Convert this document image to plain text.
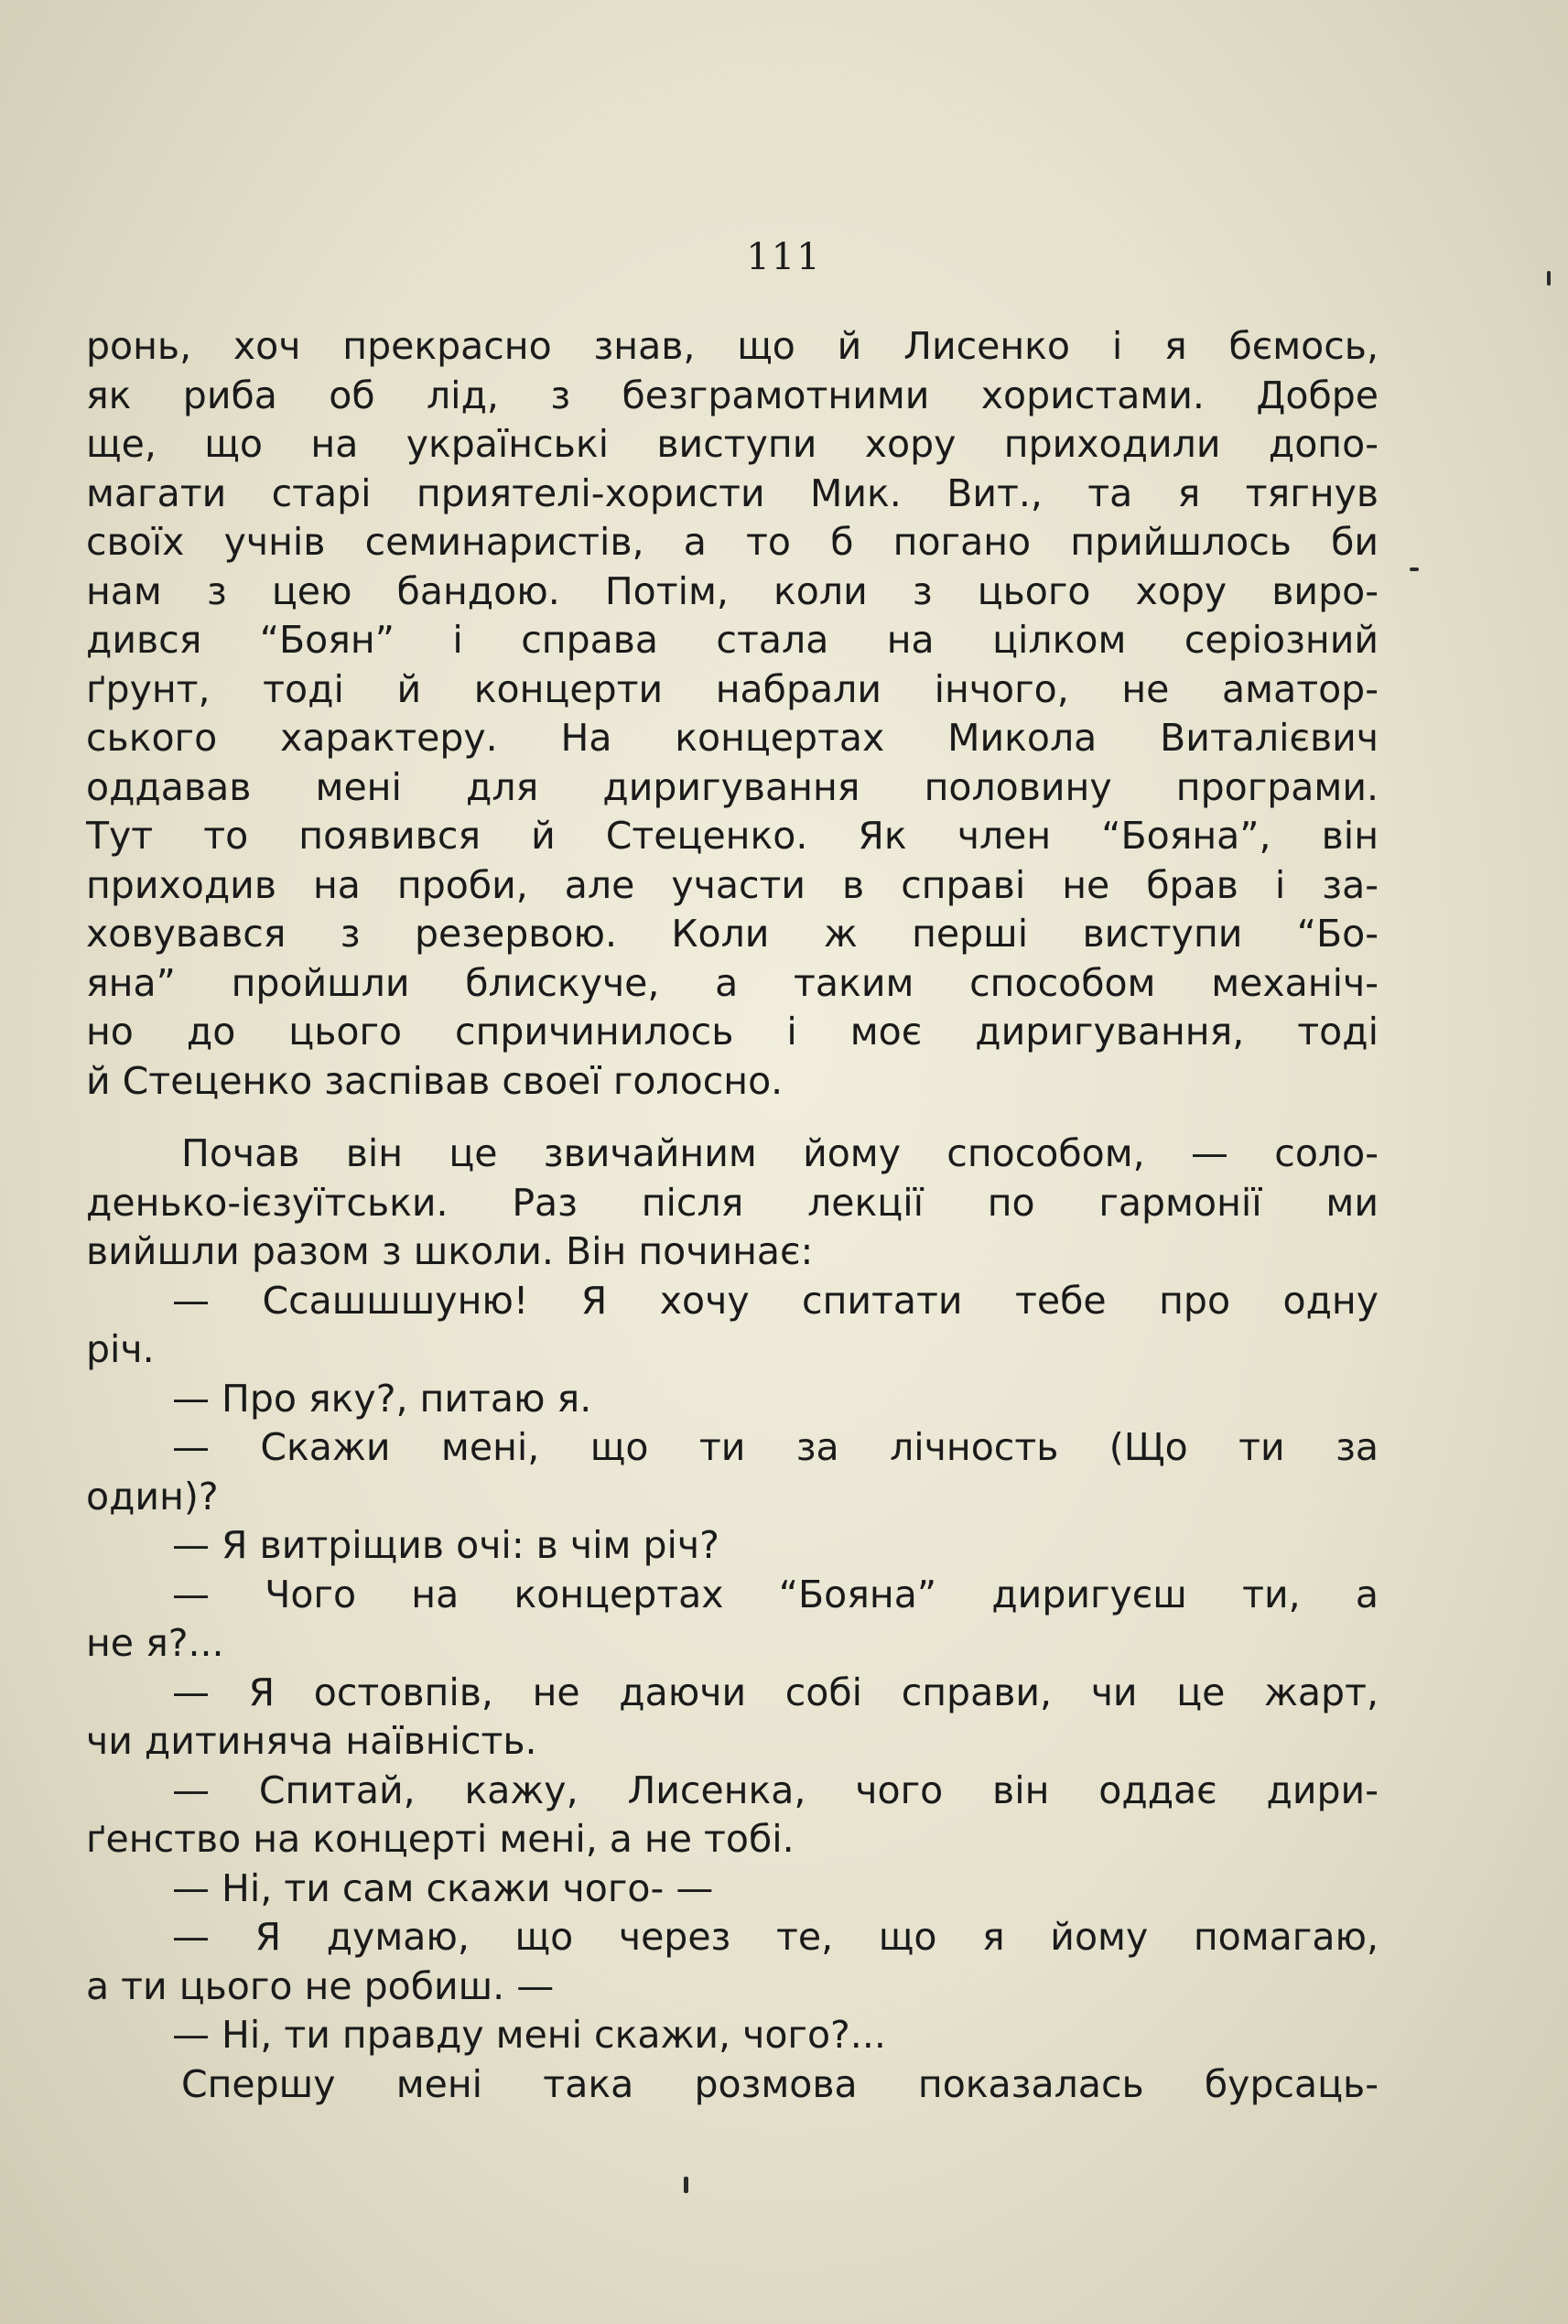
111
ронь, хоч прекрасно знав, що й Лисенко і я бємось,
як риба об лід, з безграмотними хористами. Добре
ще, що на українські виступи хору приходили допо-
магати старі приятелі-хористи Мик. Вит., та я тягнув
своїх учнів семинаристів, а то б погано прийшлось би
нам з цею бандою. Потім, коли з цього хору виро-
дився “Боян” і справа стала на цілком серіозний
ґрунт, тоді й концерти набрали інчого, не аматор-
ського характеру. На концертах Микола Виталієвич
оддавав мені для диригування половину програми.
Тут то появився й Стеценко. Як член “Бояна”, він
приходив на проби, але участи в справі не брав і за-
ховувався з резервою. Коли ж перші виступи “Бо-
яна” пройшли блискуче, а таким способом механіч-
но до цього спричинилось і моє диригування, тоді
й Стеценко заспівав своеї голосно.
Почав він це звичайним йому способом, — соло-
денько-ієзуїтськи. Раз після лекції по гармонії ми
вийшли разом з школи. Він починає:
— Ссашшшуню! Я хочу спитати тебе про одну
річ.
— Про яку?, питаю я.
— Скажи мені, що ти за лічность (Що ти за
один)?
— Я витріщив очі: в чім річ?
— Чого на концертах “Бояна” диригуєш ти, а
не я?...
— Я остовпів, не даючи собі справи, чи це жарт,
чи дитиняча наївність.
— Спитай, кажу, Лисенка, чого він оддає дири-
ґенство на концерті мені, а не тобі.
— Ні, ти сам скажи чого- —
— Я думаю, що через те, що я йому помагаю,
а ти цього не робиш. —
— Ні, ти правду мені скажи, чого?...
Спершу мені така розмова показалась бурсаць-
